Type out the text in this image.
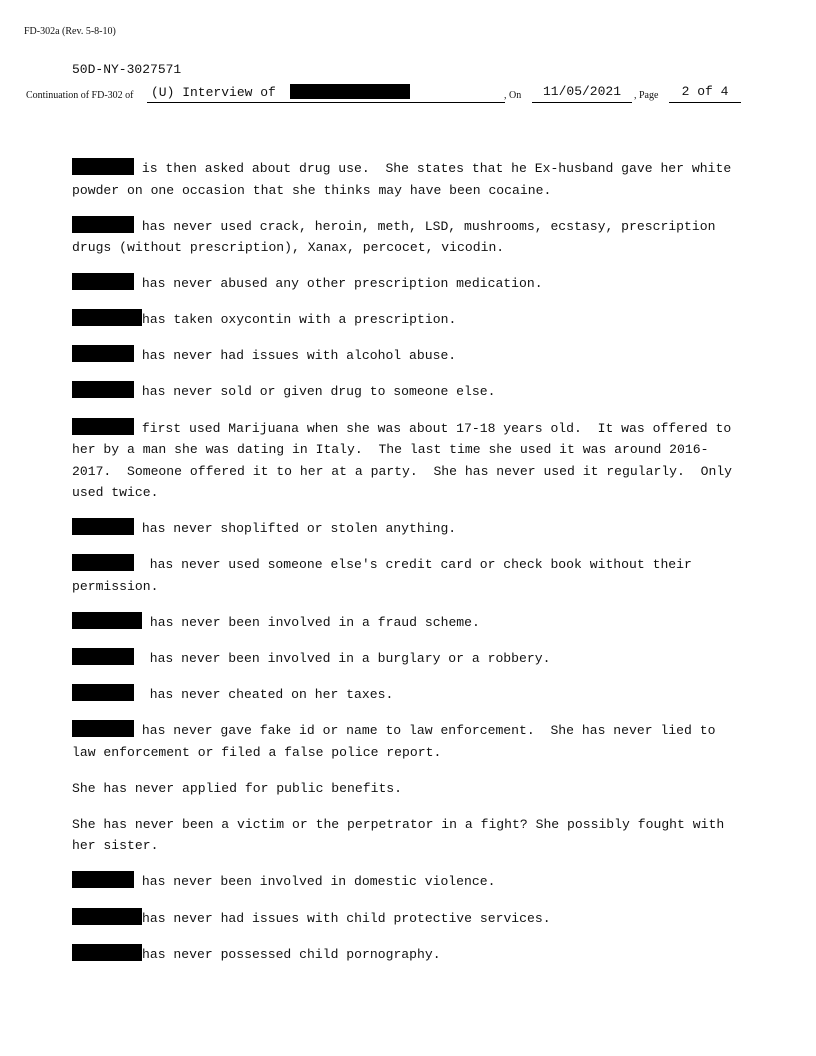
FD-302a (Rev. 5-8-10)
50D-NY-3027571
Continuation of FD-302 of	(U) Interview of	, On	11/05/2021	, Page	2 of 4

is then asked about drug use.  She states that he Ex-husband gave her white powder on one occasion that she thinks may have been cocaine.

has never used crack, heroin, meth, LSD, mushrooms, ecstasy, prescription drugs (without prescription), Xanax, percocet, vicodin.

has never abused any other prescription medication.

has taken oxycontin with a prescription.

has never had issues with alcohol abuse.

has never sold or given drug to someone else.

first used Marijuana when she was about 17-18 years old.  It was offered to her by a man she was dating in Italy.  The last time she used it was around 2016-2017.  Someone offered it to her at a party.  She has never used it regularly.  Only used twice.

has never shoplifted or stolen anything.

has never used someone else's credit card or check book without their permission.

has never been involved in a fraud scheme.

has never been involved in a burglary or a robbery.

has never cheated on her taxes.

has never gave fake id or name to law enforcement.  She has never lied to law enforcement or filed a false police report.

She has never applied for public benefits.

She has never been a victim or the perpetrator in a fight? She possibly fought with her sister.

has never been involved in domestic violence.

has never had issues with child protective services.

has never possessed child pornography.
